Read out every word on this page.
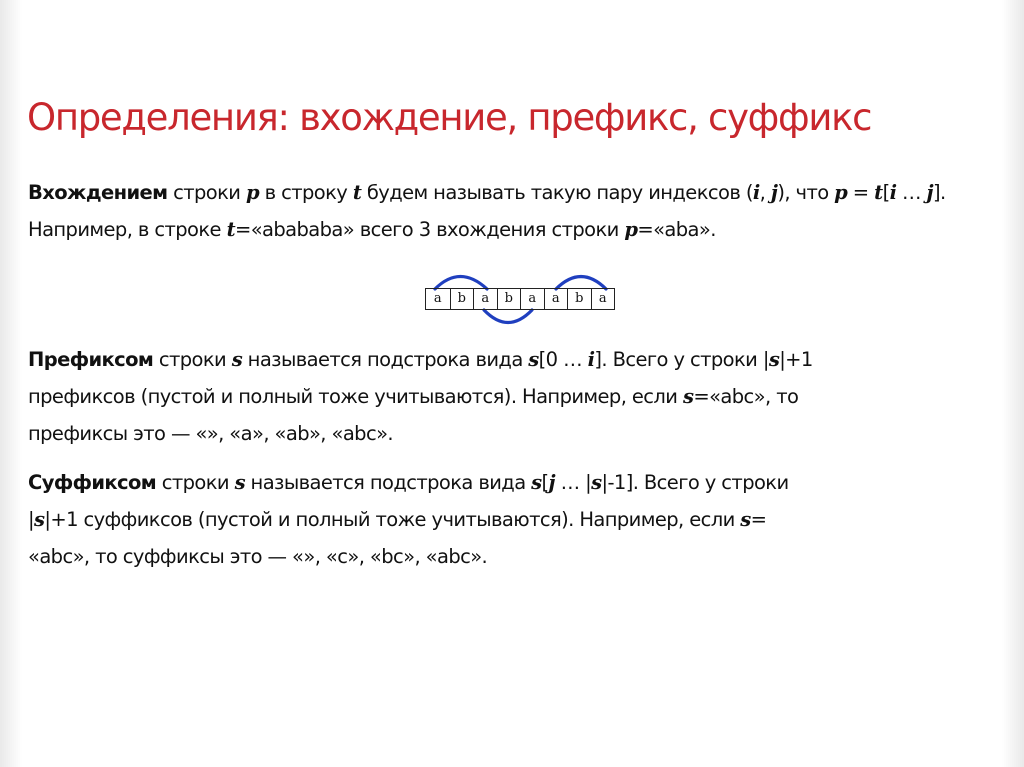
Определения: вхождение, префикс, суффикс

Вхождением строки p в строку t будем называть такую пару индексов (i, j), что p = t[i … j].
Например, в строке t=«abababa» всего 3 вхождения строки p=«aba».

a	b	a	b	a	a	b	a

Префиксом строки s называется подстрока вида s[0 … i]. Всего у строки |s|+1
префиксов (пустой и полный тоже учитываются). Например, если s=«abc», то
префиксы это — «», «a», «ab», «abc».

Суффиксом строки s называется подстрока вида s[j … |s|-1]. Всего у строки
|s|+1 суффиксов (пустой и полный тоже учитываются). Например, если s=
«abc», то суффиксы это — «», «c», «bc», «abc».
